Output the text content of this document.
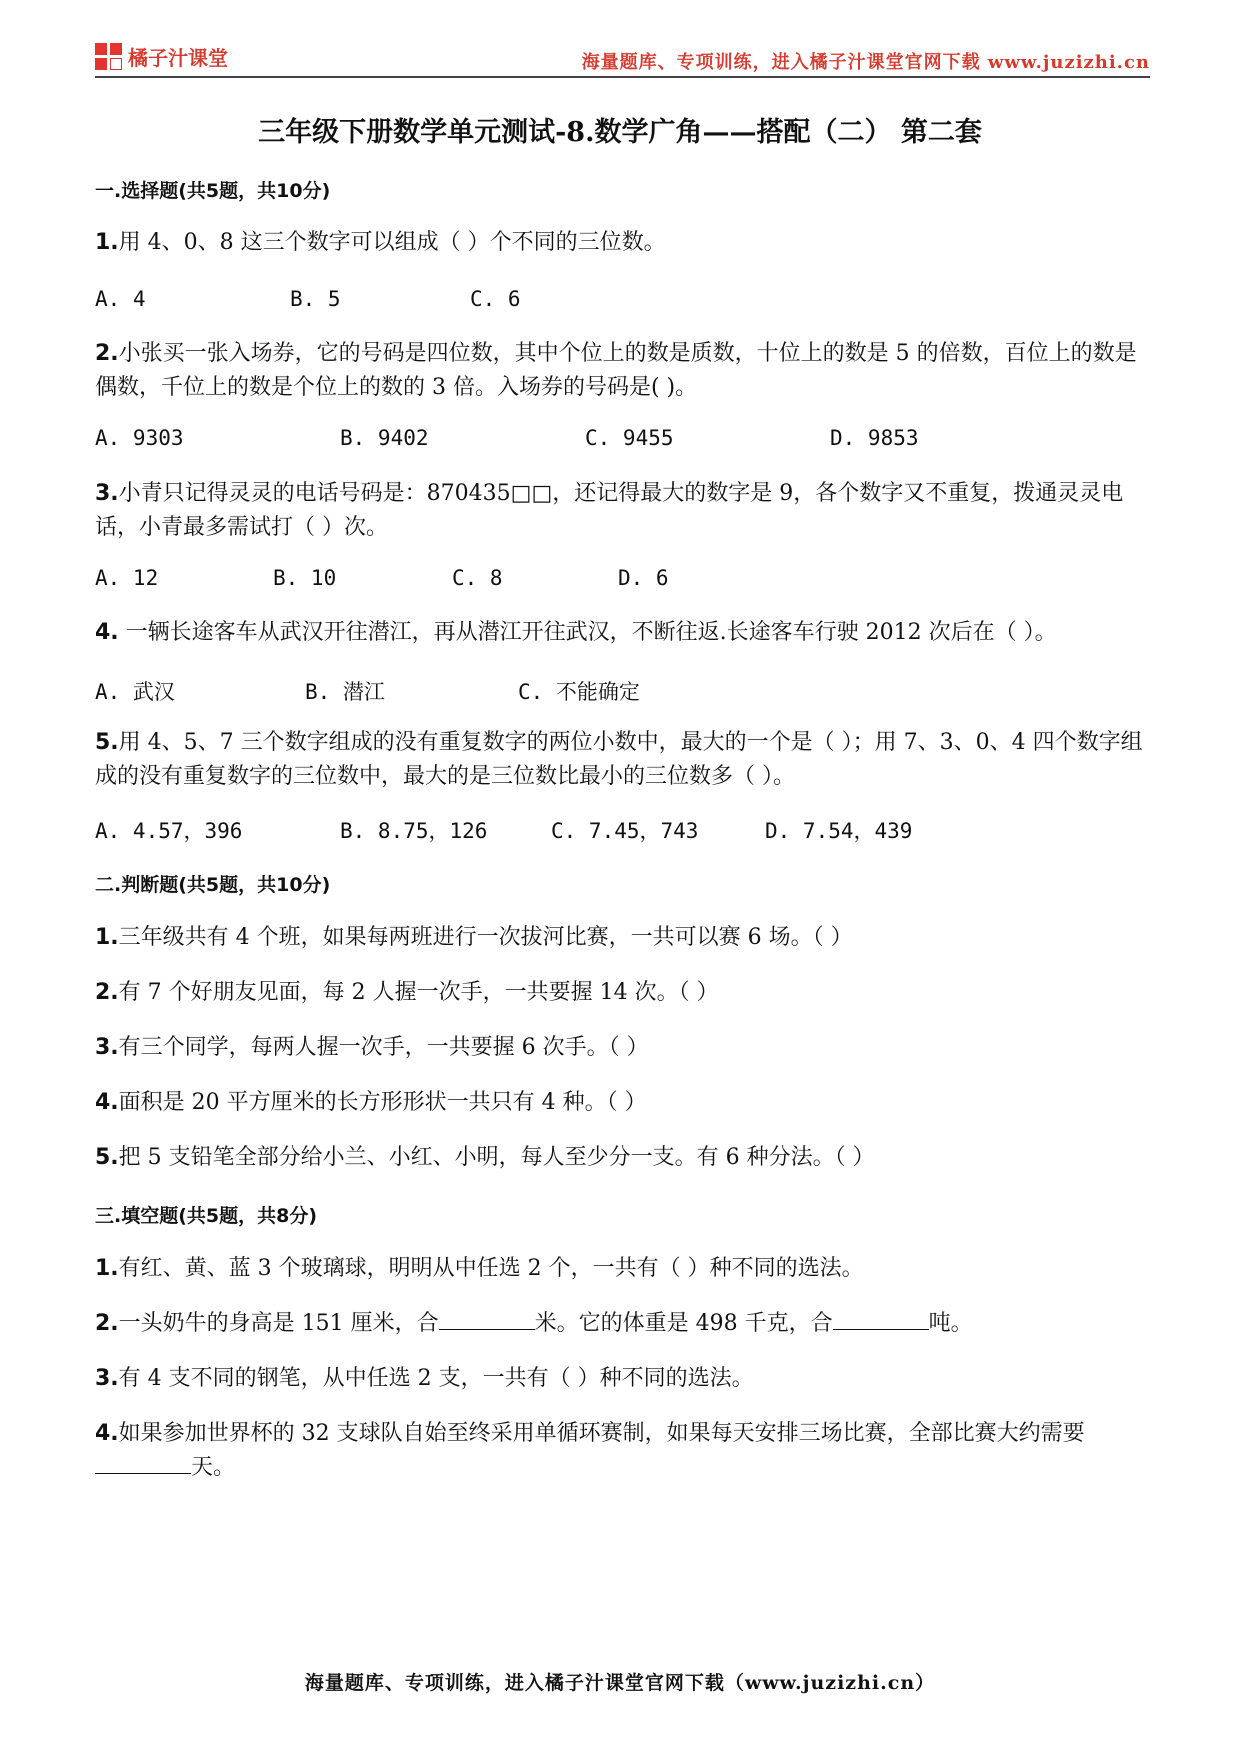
橘子汁课堂	海量题库、专项训练，进入橘子汁课堂官网下载 www.juzizhi.cn
三年级下册数学单元测试-8.数学广角——搭配（二） 第二套
一.选择题(共5题，共10分)
1.用 4、0、8 这三个数字可以组成（ ）个不同的三位数。
A. 4	B. 5	C. 6
2.小张买一张入场券，它的号码是四位数，其中个位上的数是质数，十位上的数是 5 的倍数，百位上的数是偶数，千位上的数是个位上的数的 3 倍。入场券的号码是( )。
A. 9303	B. 9402	C. 9455	D. 9853
3.小青只记得灵灵的电话号码是：870435□□，还记得最大的数字是 9，各个数字又不重复，拨通灵灵电话，小青最多需试打（ ）次。
A. 12	B. 10	C. 8	D. 6
4. 一辆长途客车从武汉开往潜江，再从潜江开往武汉，不断往返.长途客车行驶 2012 次后在（ ）。
A. 武汉	B. 潜江	C. 不能确定
5.用 4、5、7 三个数字组成的没有重复数字的两位小数中，最大的一个是（ ）；用 7、3、0、4 四个数字组成的没有重复数字的三位数中，最大的是三位数比最小的三位数多（ ）。
A. 4.57，396	B. 8.75，126	C. 7.45，743	D. 7.54，439
二.判断题(共5题，共10分)
1.三年级共有 4 个班，如果每两班进行一次拔河比赛，一共可以赛 6 场。（ ）
2.有 7 个好朋友见面，每 2 人握一次手，一共要握 14 次。（ ）
3.有三个同学，每两人握一次手，一共要握 6 次手。（ ）
4.面积是 20 平方厘米的长方形形状一共只有 4 种。（ ）
5.把 5 支铅笔全部分给小兰、小红、小明，每人至少分一支。有 6 种分法。（ ）
三.填空题(共5题，共8分)
1.有红、黄、蓝 3 个玻璃球，明明从中任选 2 个，一共有（ ）种不同的选法。
2.一头奶牛的身高是 151 厘米，合	米。它的体重是 498 千克，合	吨。
3.有 4 支不同的钢笔，从中任选 2 支，一共有（ ）种不同的选法。
4.如果参加世界杯的 32 支球队自始至终采用单循环赛制，如果每天安排三场比赛，全部比赛大约需要天。
海量题库、专项训练，进入橘子汁课堂官网下载（www.juzizhi.cn）
